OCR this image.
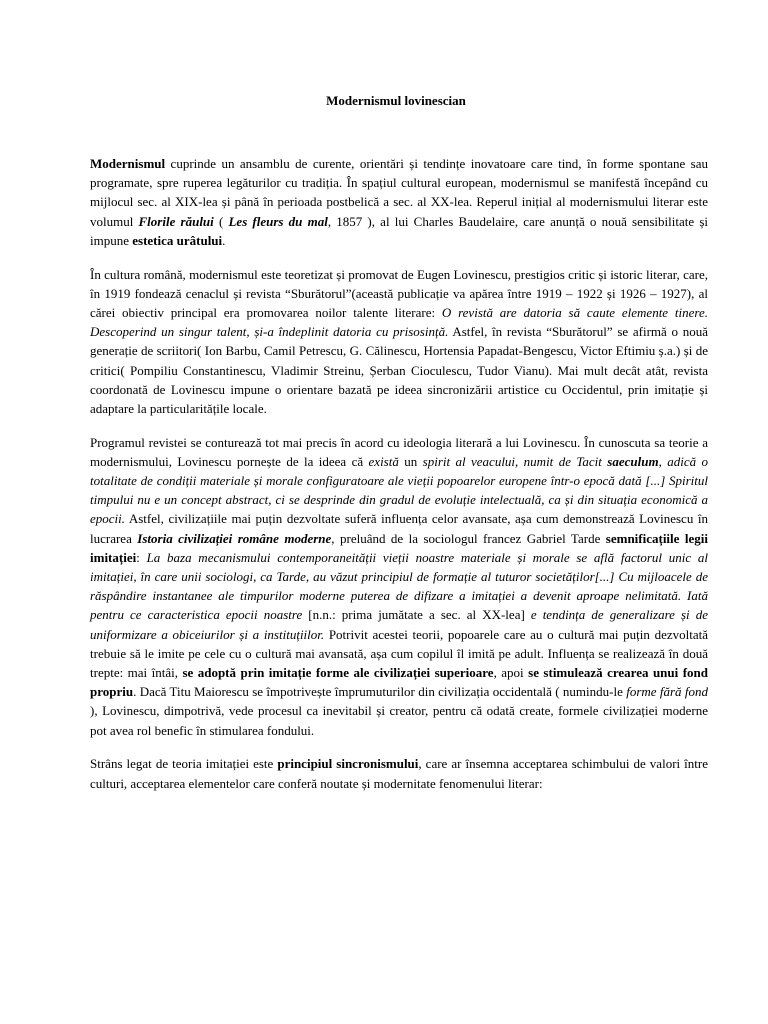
Modernismul lovinescian

Modernismul cuprinde un ansamblu de curente, orientări și tendințe inovatoare care tind, în forme spontane sau programate, spre ruperea legăturilor cu tradiția. În spațiul cultural european, modernismul se manifestă începând cu mijlocul sec. al XIX-lea și până în perioada postbelică a sec. al XX-lea. Reperul inițial al modernismului literar este volumul Florile răului ( Les fleurs du mal, 1857 ), al lui Charles Baudelaire, care anunță o nouă sensibilitate și impune estetica urâtului.

În cultura română, modernismul este teoretizat și promovat de Eugen Lovinescu, prestigios critic și istoric literar, care, în 1919 fondează cenaclul și revista “Sburătorul”(această publicație va apărea între 1919 – 1922 și 1926 – 1927), al cărei obiectiv principal era promovarea noilor talente literare: O revistă are datoria să caute elemente tinere. Descoperind un singur talent, și-a îndeplinit datoria cu prisosință. Astfel, în revista “Sburătorul” se afirmă o nouă generație de scriitori( Ion Barbu, Camil Petrescu, G. Călinescu, Hortensia Papadat-Bengescu, Victor Eftimiu ș.a.) și de critici( Pompiliu Constantinescu, Vladimir Streinu, Șerban Cioculescu, Tudor Vianu). Mai mult decât atât, revista coordonată de Lovinescu impune o orientare bazată pe ideea sincronizării artistice cu Occidentul, prin imitație și adaptare la particularitățile locale.

Programul revistei se conturează tot mai precis în acord cu ideologia literară a lui Lovinescu. În cunoscuta sa teorie a modernismului, Lovinescu pornește de la ideea că există un spirit al veacului, numit de Tacit saeculum, adică o totalitate de condiții materiale și morale configuratoare ale vieții popoarelor europene într-o epocă dată [...] Spiritul timpului nu e un concept abstract, ci se desprinde din gradul de evoluție intelectuală, ca și din situația economică a epocii. Astfel, civilizațiile mai puțin dezvoltate suferă influența celor avansate, așa cum demonstrează Lovinescu în lucrarea Istoria civilizației române moderne, preluând de la sociologul francez Gabriel Tarde semnificațiile legii imitației: La baza mecanismului contemporaneității vieții noastre materiale și morale se află factorul unic al imitației, în care unii sociologi, ca Tarde, au văzut principiul de formație al tuturor societăților[...] Cu mijloacele de răspândire instantanee ale timpurilor moderne puterea de difizare a imitației a devenit aproape nelimitată. Iată pentru ce caracteristica epocii noastre [n.n.: prima jumătate a sec. al XX-lea] e tendința de generalizare și de uniformizare a obiceiurilor și a instituțiilor. Potrivit acestei teorii, popoarele care au o cultură mai puțin dezvoltată trebuie să le imite pe cele cu o cultură mai avansată, așa cum copilul îl imită pe adult. Influența se realizează în două trepte: mai întâi, se adoptă prin imitație forme ale civilizației superioare, apoi se stimulează crearea unui fond propriu. Dacă Titu Maiorescu se împotrivește împrumuturilor din civilizația occidentală ( numindu-le forme fără fond ), Lovinescu, dimpotrivă, vede procesul ca inevitabil și creator, pentru că odată create, formele civilizației moderne pot avea rol benefic în stimularea fondului.

Strâns legat de teoria imitației este principiul sincronismului, care ar însemna acceptarea schimbului de valori între culturi, acceptarea elementelor care conferă noutate și modernitate fenomenului literar:
